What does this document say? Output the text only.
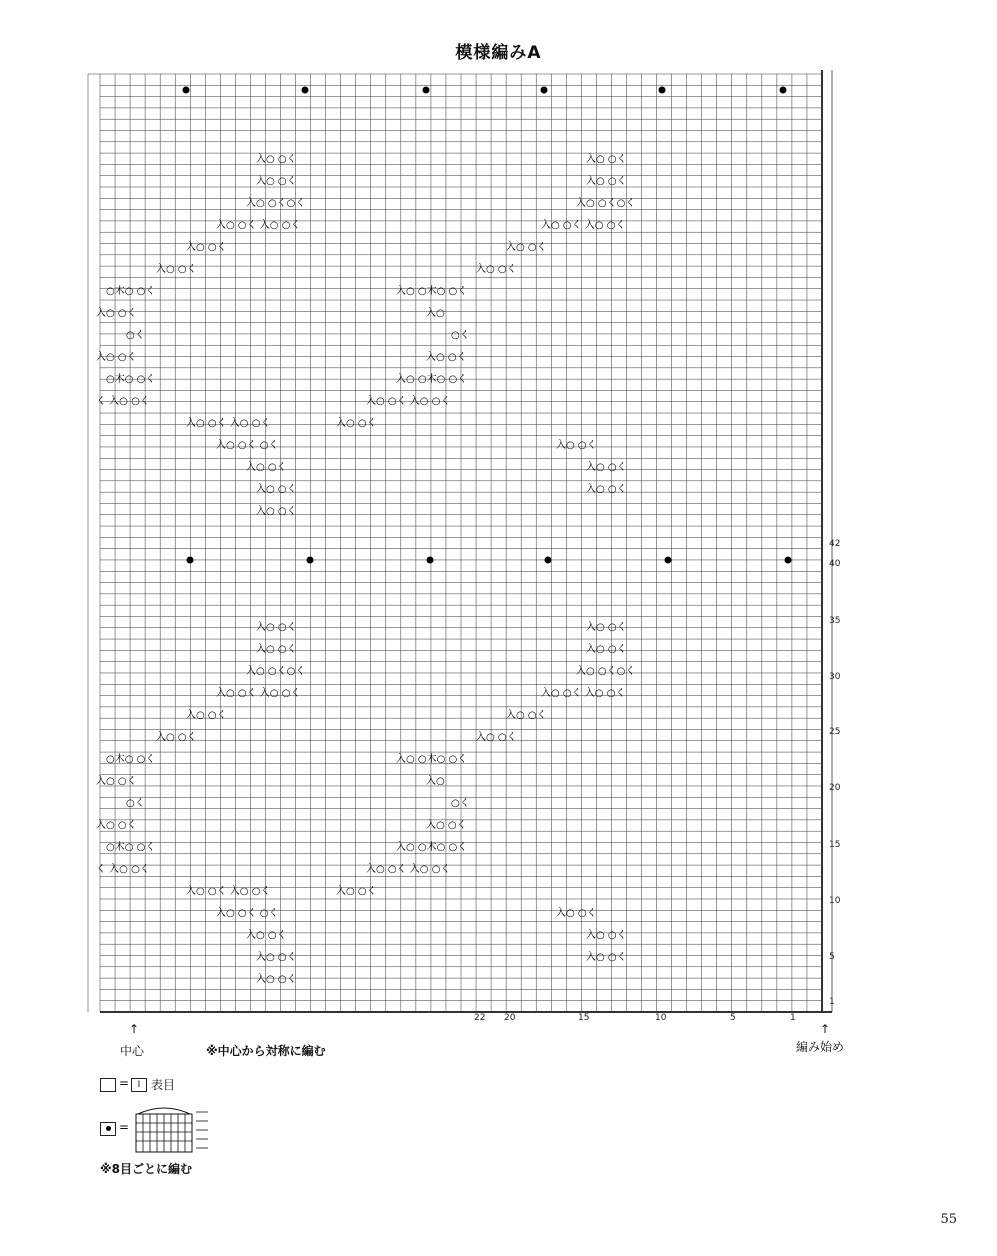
模様編みA
入○ ○く
入○ ○く
入○ ○く○く
入○ ○く 入○ ○く
入○ ○く
入○ ○く
○木○ ○く
入○ ○く
○く
入○ ○く
○木○ ○く
く 入○ ○く
入○ ○く 入○ ○く
入○ ○く ○く
入○ ○く
入○ ○く
入○ ○く
入○ ○く
入○ ○く
入○ ○く○く
入○ ○く 入○ ○く
入○ ○く
入○ ○く
入○ ○木○ ○く
入○
○く
入○ ○く
入○ ○木○ ○く
入○ ○く 入○ ○く
入○ ○く
入○ ○く
入○ ○く
入○ ○く
入○ ○く
入○ ○く
入○ ○く○く
入○ ○く 入○ ○く
入○ ○く
入○ ○く
○木○ ○く
入○ ○く
○く
入○ ○く
○木○ ○く
く 入○ ○く
入○ ○く 入○ ○く
入○ ○く ○く
入○ ○く
入○ ○く
入○ ○く
入○ ○く
入○ ○く
入○ ○く○く
入○ ○く 入○ ○く
入○ ○く
入○ ○く
入○ ○木○ ○く
入○
○く
入○ ○く
入○ ○木○ ○く
入○ ○く 入○ ○く
入○ ○く
入○ ○く
入○ ○く
入○ ○く
1
5
10
15
20
25
30
35
40
42
1
5
10
15
20
22
↑
中心	※中心から対称に編む
↑
編み始め
= I 表目
=
※8目ごとに編む
55
